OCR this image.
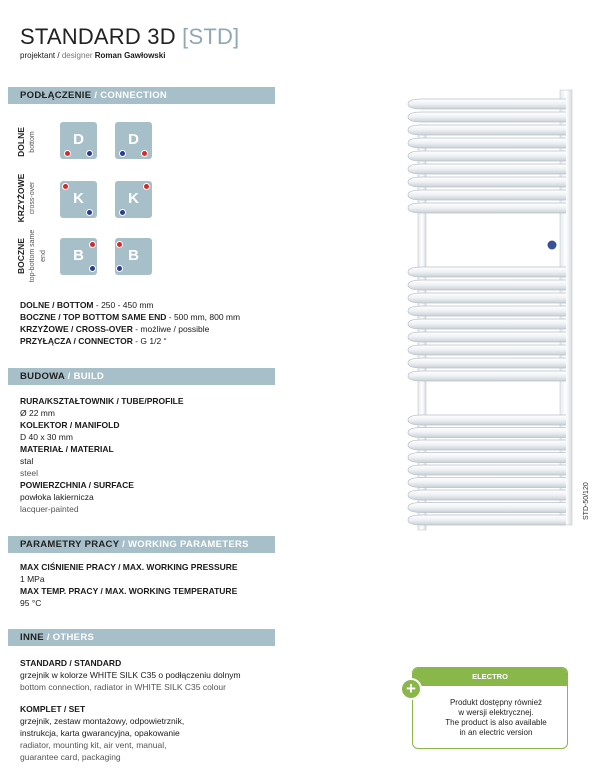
STANDARD 3D [STD]
projektant / designer Roman Gawłowski
PODŁĄCZENIE / CONNECTION
DOLNE bottom	D	D
KRZYŻOWE cross-over	K	K
BOCZNE top-bottom same end	B	B
DOLNE / BOTTOM - 250 - 450 mm
BOCZNE / TOP BOTTOM SAME END - 500 mm, 800 mm
KRZYŻOWE / CROSS-OVER - możliwe / possible
PRZYŁĄCZA / CONNECTOR - G 1/2 “
BUDOWA / BUILD
RURA/KSZTAŁTOWNIK / TUBE/PROFILE
Ø 22 mm
KOLEKTOR / MANIFOLD
D 40 x 30 mm
MATERIAŁ / MATERIAL
stal
steel
POWIERZCHNIA / SURFACE
powłoka lakiernicza
lacquer-painted
PARAMETRY PRACY / WORKING PARAMETERS
MAX CIŚNIENIE PRACY / MAX. WORKING PRESSURE
1 MPa
MAX TEMP. PRACY / MAX. WORKING TEMPERATURE
95 °C
INNE / OTHERS
STANDARD / STANDARD
grzejnik w kolorze WHITE SILK C35 o podłączeniu dolnym
bottom connection, radiator in WHITE SILK C35 colour
KOMPLET / SET
grzejnik, zestaw montażowy, odpowietrznik,
instrukcja, karta gwarancyjna, opakowanie
radiator, mounting kit, air vent, manual,
guarantee card, packaging
STD-50/120
ELECTRO
+
Produkt dostępny również
w wersji elektrycznej.
The product is also available
in an electric version
